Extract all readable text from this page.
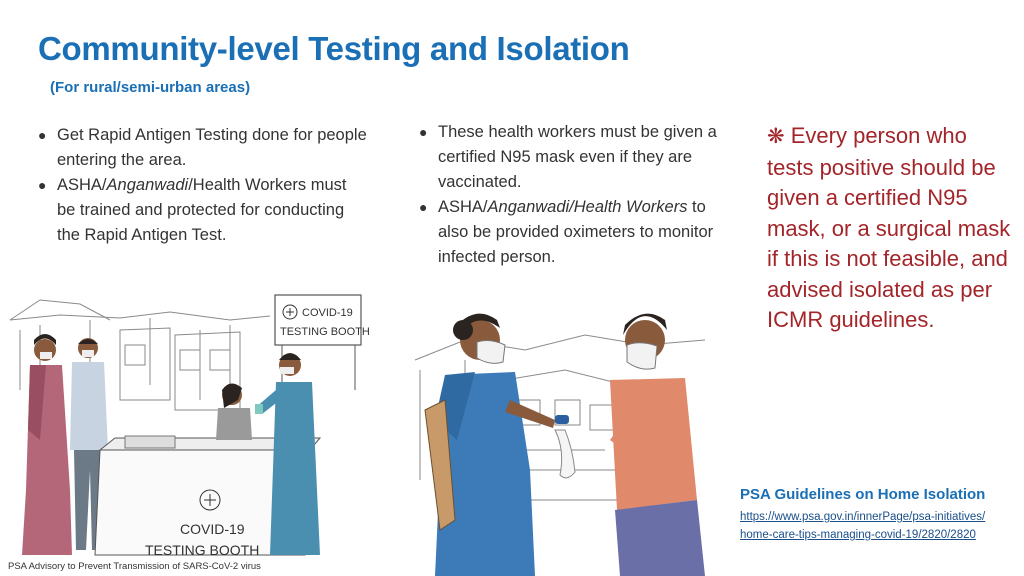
Community-level Testing and Isolation
(For rural/semi-urban areas)
● Get Rapid Antigen Testing done for people entering the area.
● ASHA/Anganwadi/Health Workers must be trained and protected for conducting the Rapid Antigen Test.
● These health workers must be given a certified N95 mask even if they are vaccinated.
● ASHA/Anganwadi/Health Workers to also be provided oximeters to monitor infected person.
❋ Every person who tests positive should be given a certified N95 mask, or a surgical mask if this is not feasible, and advised isolated as per ICMR guidelines.
COVID-19
TESTING BOOTH
COVID-19
TESTING BOOTH
PSA Guidelines on Home Isolation
https://www.psa.gov.in/innerPage/psa-initiatives/
home-care-tips-managing-covid-19/2820/2820
PSA Advisory to Prevent Transmission of SARS-CoV-2 virus
